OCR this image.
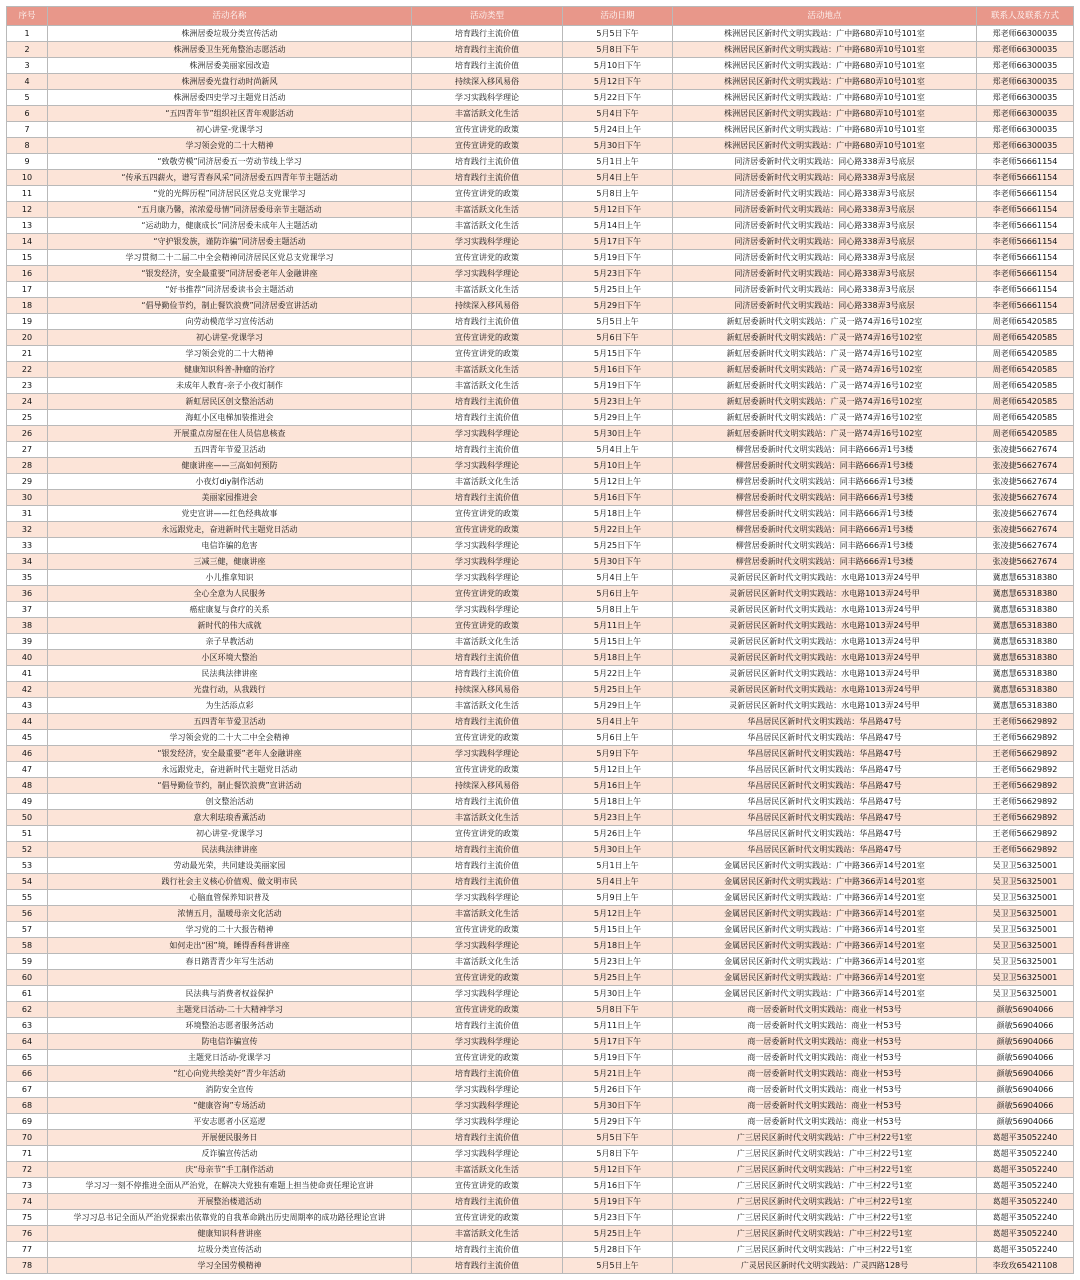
序号	活动名称	活动类型	活动日期	活动地点	联系人及联系方式
1	株洲居委垃圾分类宣传活动	培育践行主流价值	5月5日下午	株洲居民区新时代文明实践站：广中路680弄10号101室	郑老师66300035
2	株洲居委卫生死角整治志愿活动	培育践行主流价值	5月8日下午	株洲居民区新时代文明实践站：广中路680弄10号101室	郑老师66300035
3	株洲居委美丽家园改造	培育践行主流价值	5月10日下午	株洲居民区新时代文明实践站：广中路680弄10号101室	郑老师66300035
4	株洲居委光盘行动时尚新风	持续深入移风易俗	5月12日下午	株洲居民区新时代文明实践站：广中路680弄10号101室	郑老师66300035
5	株洲居委四史学习主题党日活动	学习实践科学理论	5月22日下午	株洲居民区新时代文明实践站：广中路680弄10号101室	郑老师66300035
6	“五四青年节”组织社区青年观影活动	丰富活跃文化生活	5月4日下午	株洲居民区新时代文明实践站：广中路680弄10号101室	郑老师66300035
7	初心讲堂-党课学习	宣传宣讲党的政策	5月24日上午	株洲居民区新时代文明实践站：广中路680弄10号101室	郑老师66300035
8	学习领会党的二十大精神	宣传宣讲党的政策	5月30日下午	株洲居民区新时代文明实践站：广中路680弄10号101室	郑老师66300035
9	“致敬劳模”同济居委五一劳动节线上学习	培育践行主流价值	5月1日上午	同济居委新时代文明实践站：同心路338弄3号底层	李老师56661154
10	“传承五四薪火，谱写青春风采”同济居委五四青年节主题活动	培育践行主流价值	5月4日上午	同济居委新时代文明实践站：同心路338弄3号底层	李老师56661154
11	“党的光辉历程”同济居民区党总支党课学习	宣传宣讲党的政策	5月8日上午	同济居委新时代文明实践站：同心路338弄3号底层	李老师56661154
12	“五月康乃馨，浓浓爱母情”同济居委母亲节主题活动	丰富活跃文化生活	5月12日下午	同济居委新时代文明实践站：同心路338弄3号底层	李老师56661154
13	“运动助力，健康成长”同济居委未成年人主题活动	丰富活跃文化生活	5月14日上午	同济居委新时代文明实践站：同心路338弄3号底层	李老师56661154
14	“守护银发族，谨防诈骗”同济居委主题活动	学习实践科学理论	5月17日下午	同济居委新时代文明实践站：同心路338弄3号底层	李老师56661154
15	学习贯彻二十二届二中全会精神同济居民区党总支党课学习	宣传宣讲党的政策	5月19日下午	同济居委新时代文明实践站：同心路338弄3号底层	李老师56661154
16	“银发经济，安全最重要”同济居委老年人金融讲座	学习实践科学理论	5月23日下午	同济居委新时代文明实践站：同心路338弄3号底层	李老师56661154
17	“好书推荐”同济居委读书会主题活动	丰富活跃文化生活	5月25日上午	同济居委新时代文明实践站：同心路338弄3号底层	李老师56661154
18	“倡导勤俭节约，制止餐饮浪费”同济居委宣讲活动	持续深入移风易俗	5月29日下午	同济居委新时代文明实践站：同心路338弄3号底层	李老师56661154
19	向劳动模范学习宣传活动	培育践行主流价值	5月5日上午	新虹居委新时代文明实践站：广灵一路74弄16号102室	周老师65420585
20	初心讲堂-党课学习	宣传宣讲党的政策	5月6日下午	新虹居委新时代文明实践站：广灵一路74弄16号102室	周老师65420585
21	学习领会党的二十大精神	宣传宣讲党的政策	5月15日下午	新虹居委新时代文明实践站：广灵一路74弄16号102室	周老师65420585
22	健康知识科普-肿瘤的治疗	丰富活跃文化生活	5月16日下午	新虹居委新时代文明实践站：广灵一路74弄16号102室	周老师65420585
23	未成年人教育-亲子小夜灯制作	丰富活跃文化生活	5月19日下午	新虹居委新时代文明实践站：广灵一路74弄16号102室	周老师65420585
24	新虹居民区创文整治活动	培育践行主流价值	5月23日上午	新虹居委新时代文明实践站：广灵一路74弄16号102室	周老师65420585
25	海虹小区电梯加装推进会	培育践行主流价值	5月29日上午	新虹居委新时代文明实践站：广灵一路74弄16号102室	周老师65420585
26	开展重点房屋在住人员信息核查	学习实践科学理论	5月30日上午	新虹居委新时代文明实践站：广灵一路74弄16号102室	周老师65420585
27	五四青年节爱卫活动	培育践行主流价值	5月4日上午	柳营居委新时代文明实践站：同丰路666弄1号3楼	张凌捷56627674
28	健康讲座——三高如何预防	学习实践科学理论	5月10日上午	柳营居委新时代文明实践站：同丰路666弄1号3楼	张凌捷56627674
29	小夜灯diy制作活动	丰富活跃文化生活	5月12日上午	柳营居委新时代文明实践站：同丰路666弄1号3楼	张凌捷56627674
30	美丽家园推进会	培育践行主流价值	5月16日下午	柳营居委新时代文明实践站：同丰路666弄1号3楼	张凌捷56627674
31	党史宣讲——红色经典故事	宣传宣讲党的政策	5月18日上午	柳营居委新时代文明实践站：同丰路666弄1号3楼	张凌捷56627674
32	永远跟党走，奋进新时代主题党日活动	宣传宣讲党的政策	5月22日上午	柳营居委新时代文明实践站：同丰路666弄1号3楼	张凌捷56627674
33	电信诈骗的危害	学习实践科学理论	5月25日下午	柳营居委新时代文明实践站：同丰路666弄1号3楼	张凌捷56627674
34	三减三健，健康讲座	学习实践科学理论	5月30日下午	柳营居委新时代文明实践站：同丰路666弄1号3楼	张凌捷56627674
35	小儿推拿知识	学习实践科学理论	5月4日上午	灵新居民区新时代文明实践站：水电路1013弄24号甲	冀惠慧65318380
36	全心全意为人民服务	宣传宣讲党的政策	5月6日上午	灵新居民区新时代文明实践站：水电路1013弄24号甲	冀惠慧65318380
37	癌症康复与食疗的关系	学习实践科学理论	5月8日上午	灵新居民区新时代文明实践站：水电路1013弄24号甲	冀惠慧65318380
38	新时代的伟大成就	宣传宣讲党的政策	5月11日上午	灵新居民区新时代文明实践站：水电路1013弄24号甲	冀惠慧65318380
39	亲子早教活动	丰富活跃文化生活	5月15日上午	灵新居民区新时代文明实践站：水电路1013弄24号甲	冀惠慧65318380
40	小区环境大整治	培育践行主流价值	5月18日上午	灵新居民区新时代文明实践站：水电路1013弄24号甲	冀惠慧65318380
41	民法典法律讲座	培育践行主流价值	5月22日上午	灵新居民区新时代文明实践站：水电路1013弄24号甲	冀惠慧65318380
42	光盘行动，从我践行	持续深入移风易俗	5月25日上午	灵新居民区新时代文明实践站：水电路1013弄24号甲	冀惠慧65318380
43	为生活添点彩	丰富活跃文化生活	5月29日上午	灵新居民区新时代文明实践站：水电路1013弄24号甲	冀惠慧65318380
44	五四青年节爱卫活动	培育践行主流价值	5月4日上午	华昌居民区新时代文明实践站：华昌路47号	王老师56629892
45	学习领会党的二十大二中全会精神	宣传宣讲党的政策	5月6日上午	华昌居民区新时代文明实践站：华昌路47号	王老师56629892
46	“银发经济，安全最重要”老年人金融讲座	学习实践科学理论	5月9日下午	华昌居民区新时代文明实践站：华昌路47号	王老师56629892
47	永远跟党走，奋进新时代主题党日活动	宣传宣讲党的政策	5月12日上午	华昌居民区新时代文明实践站：华昌路47号	王老师56629892
48	“倡导勤俭节约，制止餐饮浪费”宣讲活动	持续深入移风易俗	5月16日上午	华昌居民区新时代文明实践站：华昌路47号	王老师56629892
49	创文整治活动	培育践行主流价值	5月18日上午	华昌居民区新时代文明实践站：华昌路47号	王老师56629892
50	意大利珐琅香薰活动	丰富活跃文化生活	5月23日上午	华昌居民区新时代文明实践站：华昌路47号	王老师56629892
51	初心讲堂-党课学习	宣传宣讲党的政策	5月26日上午	华昌居民区新时代文明实践站：华昌路47号	王老师56629892
52	民法典法律讲座	培育践行主流价值	5月30日上午	华昌居民区新时代文明实践站：华昌路47号	王老师56629892
53	劳动最光荣，共同建设美丽家园	培育践行主流价值	5月1日上午	金属居民区新时代文明实践站：广中路366弄14号201室	吴卫卫56325001
54	践行社会主义核心价值观、做文明市民	培育践行主流价值	5月4日上午	金属居民区新时代文明实践站：广中路366弄14号201室	吴卫卫56325001
55	心脑血管保养知识普及	学习实践科学理论	5月9日上午	金属居民区新时代文明实践站：广中路366弄14号201室	吴卫卫56325001
56	浓情五月，温暖母亲文化活动	丰富活跃文化生活	5月12日上午	金属居民区新时代文明实践站：广中路366弄14号201室	吴卫卫56325001
57	学习党的二十大报告精神	宣传宣讲党的政策	5月15日上午	金属居民区新时代文明实践站：广中路366弄14号201室	吴卫卫56325001
58	如何走出“困”境，睡得香科普讲座	学习实践科学理论	5月18日上午	金属居民区新时代文明实践站：广中路366弄14号201室	吴卫卫56325001
59	春日踏青青少年写生活动	丰富活跃文化生活	5月23日上午	金属居民区新时代文明实践站：广中路366弄14号201室	吴卫卫56325001
60		宣传宣讲党的政策	5月25日上午	金属居民区新时代文明实践站：广中路366弄14号201室	吴卫卫56325001
61	民法典与消费者权益保护	学习实践科学理论	5月30日上午	金属居民区新时代文明实践站：广中路366弄14号201室	吴卫卫56325001
62	主题党日活动-二十大精神学习	宣传宣讲党的政策	5月8日下午	商一居委新时代文明实践站：商业一村53号	颜敏56904066
63	环境整治志愿者服务活动	培育践行主流价值	5月11日上午	商一居委新时代文明实践站：商业一村53号	颜敏56904066
64	防电信诈骗宣传	学习实践科学理论	5月17日下午	商一居委新时代文明实践站：商业一村53号	颜敏56904066
65	主题党日活动-党课学习	宣传宣讲党的政策	5月19日下午	商一居委新时代文明实践站：商业一村53号	颜敏56904066
66	“红心向党共绘美好”青少年活动	培育践行主流价值	5月21日上午	商一居委新时代文明实践站：商业一村53号	颜敏56904066
67	消防安全宣传	学习实践科学理论	5月26日下午	商一居委新时代文明实践站：商业一村53号	颜敏56904066
68	“健康咨询”专场活动	学习实践科学理论	5月30日下午	商一居委新时代文明实践站：商业一村53号	颜敏56904066
69	平安志愿者小区巡逻	学习实践科学理论	5月29日下午	商一居委新时代文明实践站：商业一村53号	颜敏56904066
70	开展便民服务日	培育践行主流价值	5月5日下午	广三居民区新时代文明实践站：广中三村22号1室	葛超平35052240
71	反诈骗宣传活动	学习实践科学理论	5月8日下午	广三居民区新时代文明实践站：广中三村22号1室	葛超平35052240
72	庆“母亲节”手工制作活动	丰富活跃文化生活	5月12日下午	广三居民区新时代文明实践站：广中三村22号1室	葛超平35052240
73	学习习一刻不停推进全面从严治党，在解决大党独有难题上担当使命责任理论宣讲	宣传宣讲党的政策	5月16日下午	广三居民区新时代文明实践站：广中三村22号1室	葛超平35052240
74	开展整治楼道活动	培育践行主流价值	5月19日下午	广三居民区新时代文明实践站：广中三村22号1室	葛超平35052240
75	学习习总书记全面从严治党探索出依靠党的自我革命跳出历史周期率的成功路径理论宣讲	宣传宣讲党的政策	5月23日下午	广三居民区新时代文明实践站：广中三村22号1室	葛超平35052240
76	健康知识科普讲座	丰富活跃文化生活	5月25日上午	广三居民区新时代文明实践站：广中三村22号1室	葛超平35052240
77	垃圾分类宣传活动	培育践行主流价值	5月28日下午	广三居民区新时代文明实践站：广中三村22号1室	葛超平35052240
78	学习全国劳模精神	培育践行主流价值	5月5日上午	广灵居民区新时代文明实践站：广灵四路128号	李玫玫65421108
